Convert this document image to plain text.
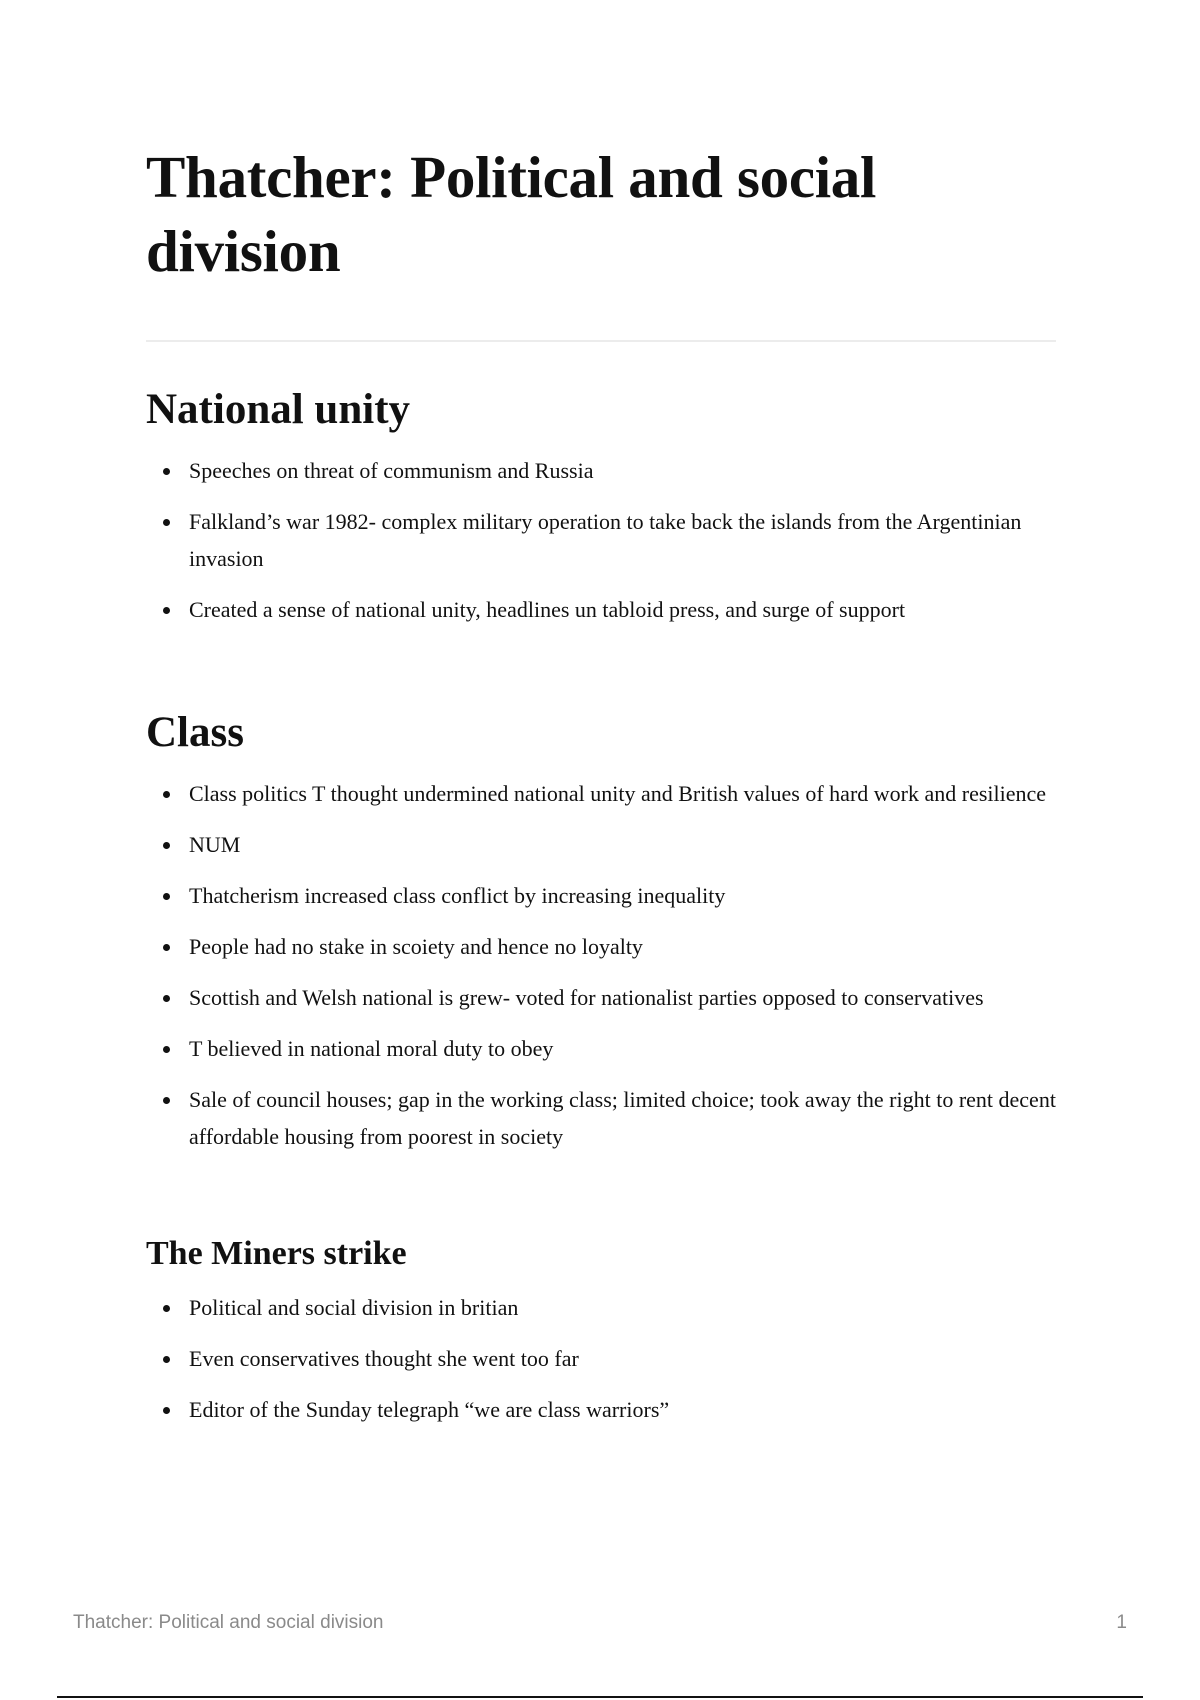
Thatcher: Political and social division
National unity
Speeches on threat of communism and Russia
Falkland’s war 1982- complex military operation to take back the islands from the Argentinian invasion
Created a sense of national unity, headlines un tabloid press, and surge of support
Class
Class politics T thought undermined national unity and British values of hard work and resilience
NUM
Thatcherism increased class conflict by increasing inequality
People had no stake in scoiety and hence no loyalty
Scottish and Welsh national is grew- voted for nationalist parties opposed to conservatives
T believed in national moral duty to obey
Sale of council houses; gap in the working class; limited choice; took away the right to rent decent affordable housing from poorest in society
The Miners strike
Political and social division in britian
Even conservatives thought she went too far
Editor of the Sunday telegraph “we are class warriors”
Thatcher: Political and social division	1
